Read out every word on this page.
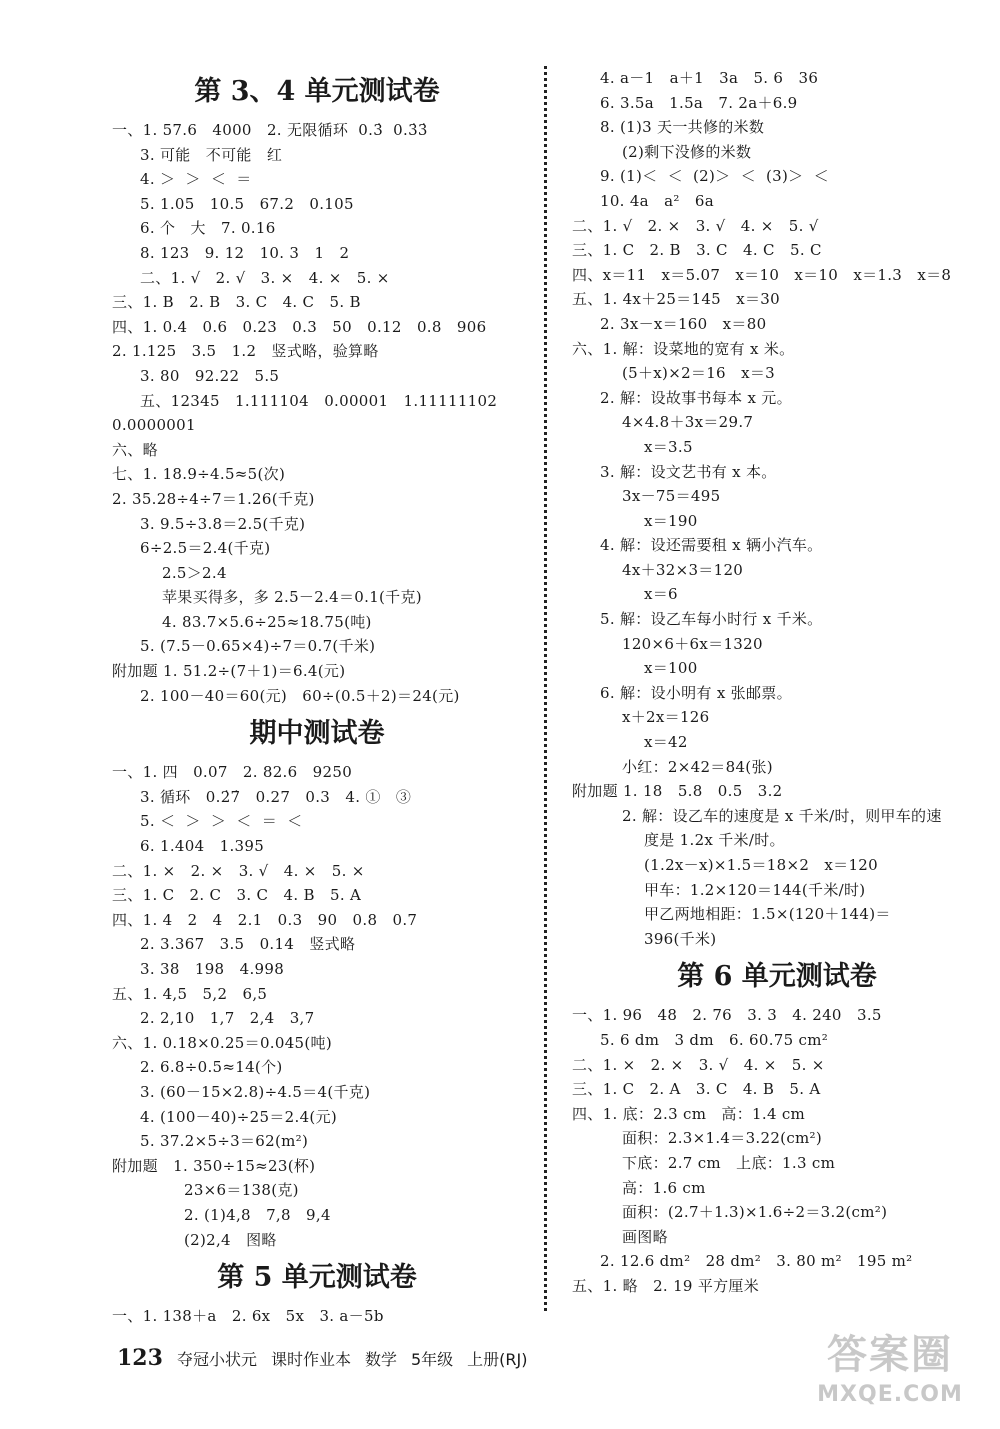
第 3、4 单元测试卷
一、1. 57.6   4000   2. 无限循环  0.3̇  0.3̇3̇
3. 可能   不可能   红
4. ＞  ＞  ＜  ＝
5. 1.05   10.5   67.2   0.105
6. 个   大   7. 0.16
8. 123   9. 12   10. 3   1   2
二、1. √   2. √   3. ×   4. ×   5. ×
三、1. B   2. B   3. C   4. C   5. B
四、1. 0.4   0.6   0.23   0.3   50   0.12   0.8   906
2. 1.125   3.5   1.2   竖式略，验算略
3. 80   92.22   5.5
五、12345   1.111104   0.00001   1.11111102
0.0000001
六、略
七、1. 18.9÷4.5≈5(次)
2. 35.28÷4÷7＝1.26(千克)
3. 9.5÷3.8＝2.5(千克)
6÷2.5＝2.4(千克)
2.5＞2.4
苹果买得多，多 2.5－2.4＝0.1(千克)
4. 83.7×5.6÷25≈18.75(吨)
5. (7.5－0.65×4)÷7＝0.7(千米)
附加题 1. 51.2÷(7＋1)＝6.4(元)
2. 100－40＝60(元)   60÷(0.5＋2)＝24(元)
期中测试卷
一、1. 四   0.07   2. 82.6   9250
3. 循环   0.2̇7̇   0.27   0.3   4. ①   ③
5. ＜  ＞  ＞  ＜  ＝  ＜
6. 1.404   1.395
二、1. ×   2. ×   3. √   4. ×   5. ×
三、1. C   2. C   3. C   4. B   5. A
四、1. 4   2   4   2.1   0.3   90   0.8   0.7
2. 3.367   3.5   0.14   竖式略
3. 38   198   4.998
五、1. 4,5   5,2   6,5
2. 2,10   1,7   2,4   3,7
六、1. 0.18×0.25＝0.045(吨)
2. 6.8÷0.5≈14(个)
3. (60－15×2.8)÷4.5＝4(千克)
4. (100－40)÷25＝2.4(元)
5. 37.2×5÷3＝62(m²)
附加题   1. 350÷15≈23(杯)
23×6＝138(克)
2. (1)4,8   7,8   9,4
(2)2,4   图略
第 5 单元测试卷
一、1. 138＋a   2. 6x   5x   3. a－5b
4. a－1   a＋1   3a   5. 6   36
6. 3.5a   1.5a   7. 2a＋6.9
8. (1)3 天一共修的米数
(2)剩下没修的米数
9. (1)＜  ＜  (2)＞  ＜  (3)＞  ＜
10. 4a   a²   6a
二、1. √   2. ×   3. √   4. ×   5. √
三、1. C   2. B   3. C   4. C   5. C
四、x＝11   x＝5.07   x＝10   x＝10   x＝1.3   x＝8
五、1. 4x＋25＝145   x＝30
2. 3x－x＝160   x＝80
六、1. 解：设菜地的宽有 x 米。
(5＋x)×2＝16   x＝3
2. 解：设故事书每本 x 元。
4×4.8＋3x＝29.7
x＝3.5
3. 解：设文艺书有 x 本。
3x－75＝495
x＝190
4. 解：设还需要租 x 辆小汽车。
4x＋32×3＝120
x＝6
5. 解：设乙车每小时行 x 千米。
120×6＋6x＝1320
x＝100
6. 解：设小明有 x 张邮票。
x＋2x＝126
x＝42
小红：2×42＝84(张)
附加题 1. 18   5.8   0.5   3.2
2. 解：设乙车的速度是 x 千米/时，则甲车的速
度是 1.2x 千米/时。
(1.2x－x)×1.5＝18×2   x＝120
甲车：1.2×120＝144(千米/时)
甲乙两地相距：1.5×(120＋144)＝
396(千米)
第 6 单元测试卷
一、1. 96   48   2. 76   3. 3   4. 240   3.5
5. 6 dm   3 dm   6. 60.75 cm²
二、1. ×   2. ×   3. √   4. ×   5. ×
三、1. C   2. A   3. C   4. B   5. A
四、1. 底：2.3 cm   高：1.4 cm
面积：2.3×1.4＝3.22(cm²)
下底：2.7 cm   上底：1.3 cm
高：1.6 cm
面积：(2.7＋1.3)×1.6÷2＝3.2(cm²)
画图略
2. 12.6 dm²   28 dm²   3. 80 m²   195 m²
五、1. 略   2. 19 平方厘米
123 夺冠小状元 课时作业本 数学 5年级 上册(RJ)	答案圈
MXQE.COM
